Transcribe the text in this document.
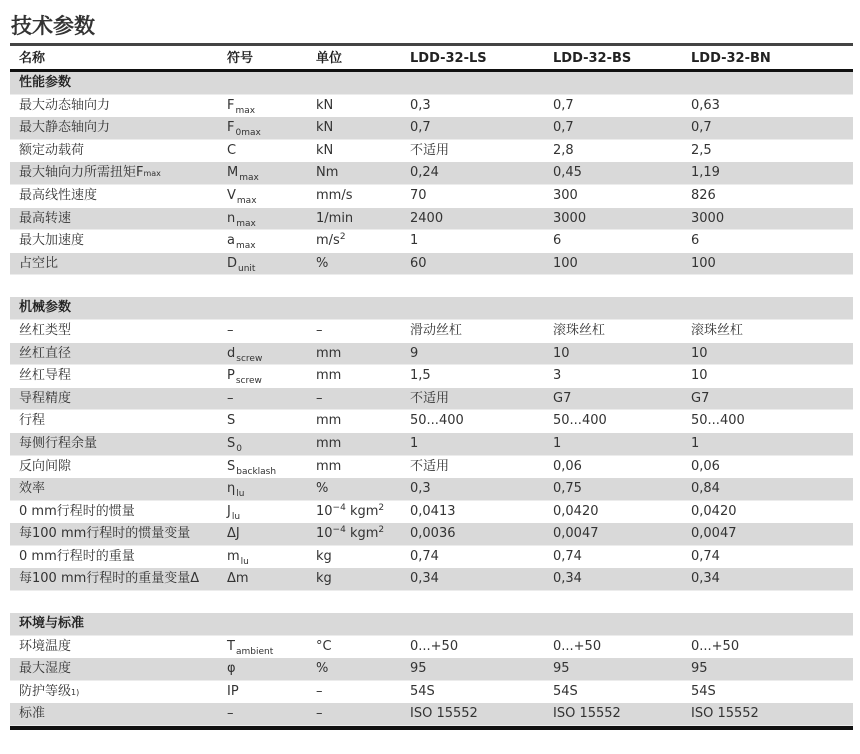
技术参数
名称	符号	单位	LDD-32-LS	LDD-32-BS	LDD-32-BN
性能参数
最大动态轴向力	$F_{max}$	kN	0,3	0,7	0,63
最大静态轴向力	$F_{0max}$	kN	0,7	0,7	0,7
额定动载荷	C	kN	不适用	2,8	2,5
最大轴向力所需扭矩Fmax	$M_{max}$	Nm	0,24	0,45	1,19
最高线性速度	$V_{max}$	mm/s	70	300	826
最高转速	$n_{max}$	1/min	2400	3000	3000
最大加速度	$a_{max}$	$m/s^2$	1	6	6
占空比	$D_{unit}$	%	60	100	100
机械参数
丝杠类型	–	–	滑动丝杠	滚珠丝杠	滚珠丝杠
丝杠直径	$d_{screw}$	mm	9	10	10
丝杠导程	$P_{screw}$	mm	1,5	3	10
导程精度	–	–	不适用	G7	G7
行程	S	mm	50...400	50...400	50...400
每侧行程余量	$S_0$	mm	1	1	1
反向间隙	$S_{backlash}$	mm	不适用	0,06	0,06
效率	$\eta_{lu}$	%	0,3	0,75	0,84
0 mm行程时的惯量	$J_{lu}$	$10^{-4}$ kgm$^2$ 0,0413	0,0420	0,0420
每100 mm行程时的惯量变量	ΔJ	$10^{-4}$ kgm$^2$ 0,0036	0,0047	0,0047
0 mm行程时的重量	$m_{lu}$	kg	0,74	0,74	0,74
每100 mm行程时的重量变量Δ Δm	kg	0,34	0,34	0,34
环境与标准
环境温度	$T_{ambient}$	°C	0...+50	0...+50	0...+50
最大湿度	φ	%	95	95	95
防护等级1)	IP	–	54S	54S	54S
标准	–	–	ISO 15552	ISO 15552	ISO 15552
